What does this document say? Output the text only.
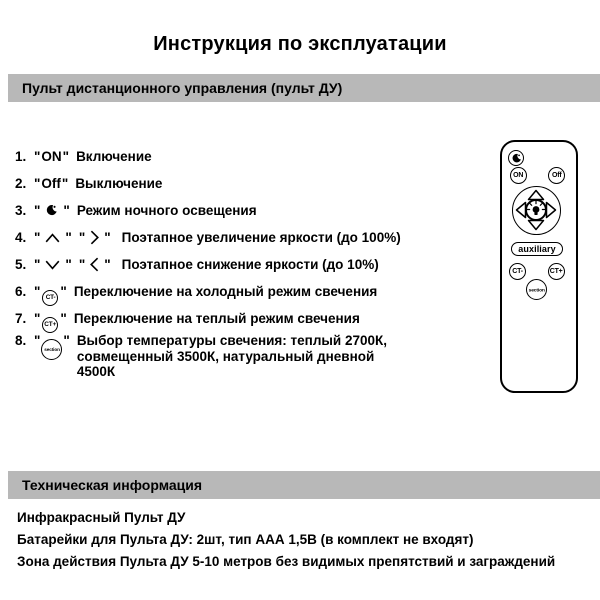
Инструкция по эксплуатации
Пульт дистанционного управления (пульт ДУ)
1. "ON" Включение
2. "Off" Выключение
3. " " Режим ночного освещения
4. " " " " Поэтапное увеличение яркости (до 100%)
5. " " " " Поэтапное снижение яркости (до 10%)
6. " CT- " Переключение на холодный режим свечения
7. " CT+ " Переключение на теплый режим свечения
8. "
section
" Выбор температуры свечения: теплый 2700К, совмещенный 3500К, натуральный дневной 4500К
ON	Off
auxiliary
CT-	CT+
section
Техническая информация

Инфракрасный Пульт ДУ

Батарейки для Пульта ДУ: 2шт, тип ААА 1,5В (в комплект не входят)

Зона действия Пульта ДУ 5-10 метров без видимых препятствий и заграждений
